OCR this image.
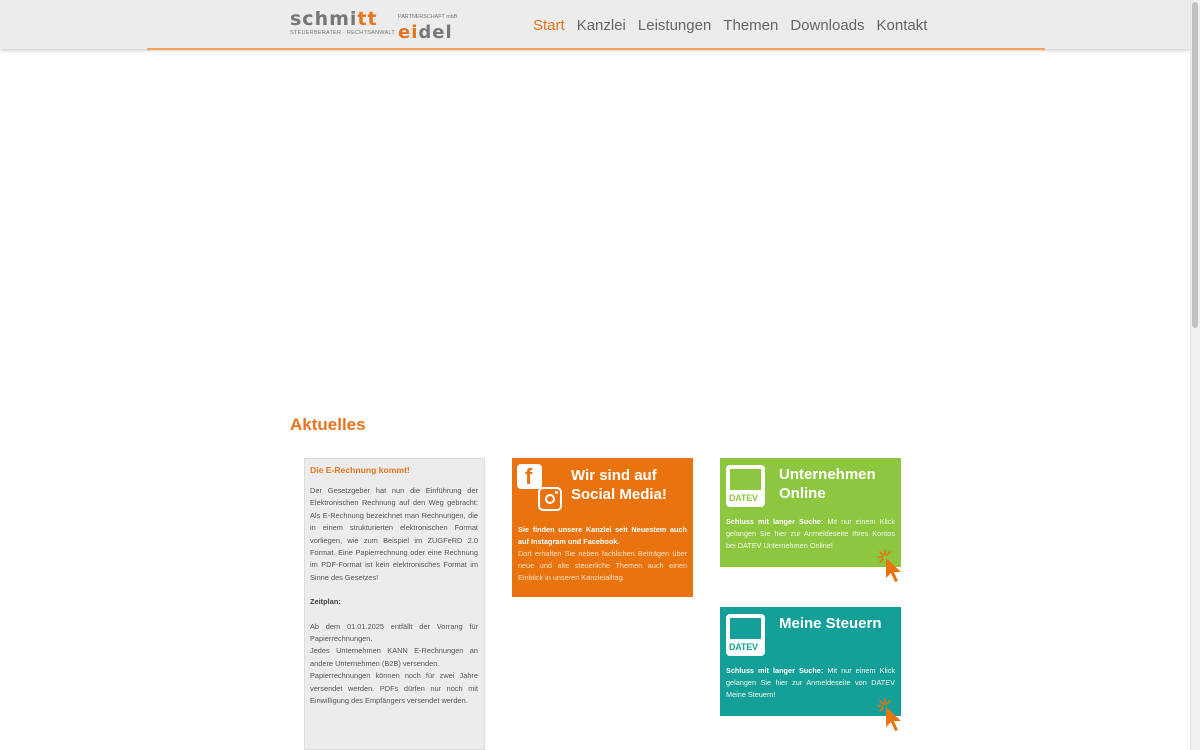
schmitt	PARTNERSCHAFT mbB
eidel
STEUERBERATER · RECHTSANWALT	Start Kanzlei Leistungen Themen Downloads Kontakt
Aktuelles
Die E-Rechnung kommt!

Der Gesetzgeber hat nun die Einführung der Elektronischen Rechnung auf den Weg gebracht: Als E-Rechnung bezeichnet man Rechnungen, die in einem strukturierten elektronischen Format vorliegen, wie zum Beispiel im ZUGFeRD 2.0 Format. Eine Papierrechnung oder eine Rechnung im PDF-Format ist kein elektronisches Format im Sinne des Gesetzes!

Zeitplan:

Ab dem 01.01.2025 entfällt der Vorrang für Papierrechnungen.

Jedes Unternehmen KANN E-Rechnungen an andere Unternehmen (B2B) versenden.

Papierrechnungen können noch für zwei Jahre versendet werden. PDFs dürfen nur noch mit Einwilligung des Empfängers versendet werden.

f	Wir sind auf Social Media!
Sie finden unsere Kanzlei seit Neuestem auch auf Instagram und Facebook.
Dort erhalten Sie neben fachlichen Beiträgen über neue und alte steuerliche Themen auch einen Einblick in unseren Kanzleialltag.
DATEV
Unternehmen Online
Schluss mit langer Suche: Mit nur einem Klick gelangen Sie hier zur Anmeldeseite Ihres Kontos bei DATEV Unternehmen Online!
DATEV
Meine Steuern
Schluss mit langer Suche: Mit nur einem Klick gelangen Sie hier zur Anmeldeseite von DATEV Meine Steuern!
